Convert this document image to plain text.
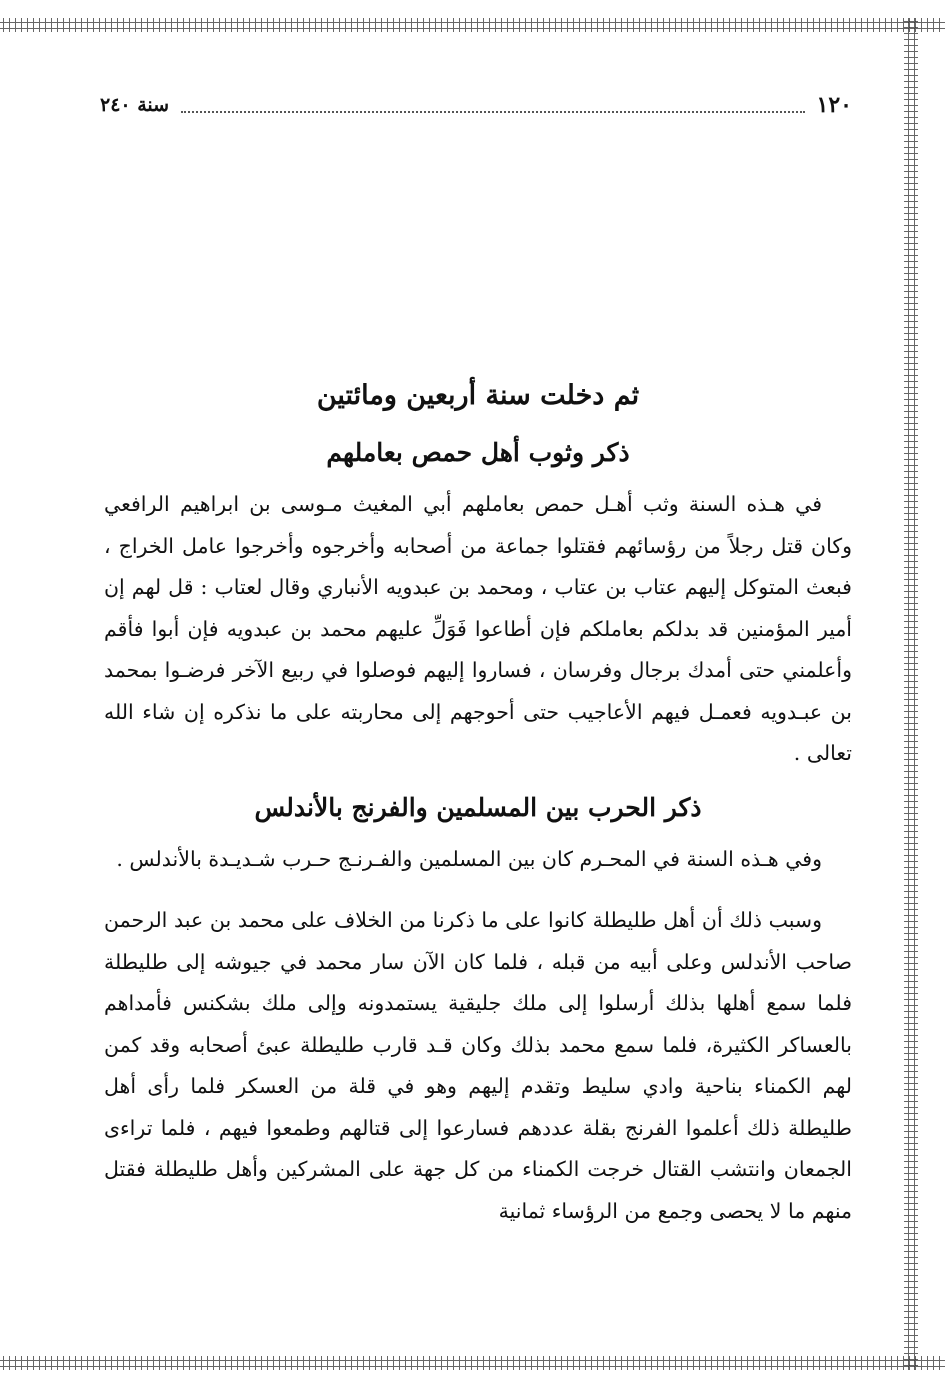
١٢٠
سنة ٢٤٠
ثم دخلت سنة أربعين ومائتين
ذكر وثوب أهل حمص بعاملهم

في هـذه السنة وثب أهـل حمص بعاملهم أبي المغيث مـوسى بن ابراهيم الرافعي وكان قتل رجلاً من رؤسائهم فقتلوا جماعة من أصحابه وأخرجوه وأخرجوا عامل الخراج ، فبعث المتوكل إليهم عتاب بن عتاب ، ومحمد بن عبدويه الأنباري وقال لعتاب : قل لهم إن أمير المؤمنين قد بدلكم بعاملكم فإن أطاعوا فَوَلِّ عليهم محمد بن عبدويه فإن أبوا فأقم وأعلمني حتى أمدك برجال وفرسان ، فساروا إليهم فوصلوا في ربيع الآخر فرضـوا بمحمد بن عبـدويه فعمـل فيهم الأعاجيب حتى أحوجهم إلى محاربته على ما نذكره إن شاء الله تعالى .

ذكر الحرب بين المسلمين والفرنج بالأندلس

وفي هـذه السنة في المحـرم كان بين المسلمين والفـرنـج حـرب شـديـدة بالأندلس .

وسبب ذلك أن أهل طليطلة كانوا على ما ذكرنا من الخلاف على محمد بن عبد الرحمن صاحب الأندلس وعلى أبيه من قبله ، فلما كان الآن سار محمد في جيوشه إلى طليطلة فلما سمع أهلها بذلك أرسلوا إلى ملك جليقية يستمدونه وإلى ملك بشكنس فأمداهم بالعساكر الكثيرة، فلما سمع محمد بذلك وكان قـد قارب طليطلة عبئ أصحابه وقد كمن لهم الكمناء بناحية وادي سليط وتقدم إليهم وهو في قلة من العسكر فلما رأى أهل طليطلة ذلك أعلموا الفرنج بقلة عددهم فسارعوا إلى قتالهم وطمعوا فيهم ، فلما تراءى الجمعان وانتشب القتال خرجت الكمناء من كل جهة على المشركين وأهل طليطلة فقتل منهم ما لا يحصى وجمع من الرؤساء ثمانية
